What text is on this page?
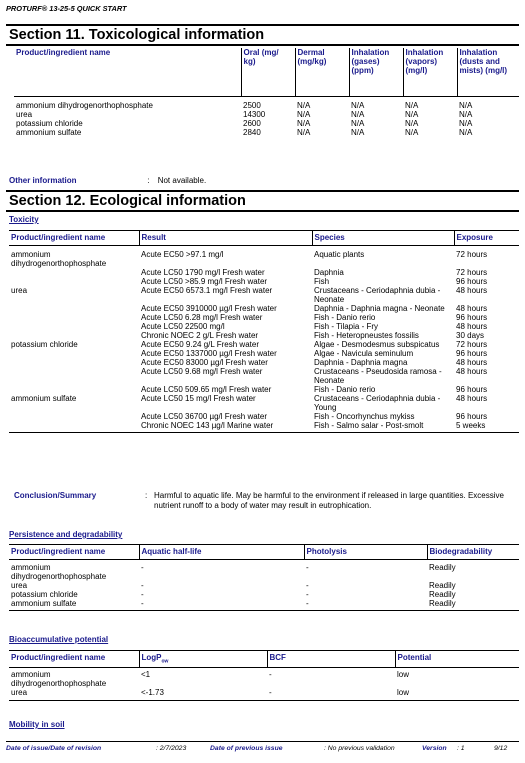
PROTURF® 13-25-5 QUICK START
Section 11. Toxicological information
Product/ingredient name	Oral (mg/ kg)	Dermal (mg/kg)	Inhalation (gases) (ppm)	Inhalation (vapors) (mg/l)	Inhalation (dusts and mists) (mg/l)

ammonium dihydrogenorthophosphate	2500	N/A	N/A	N/A	N/A
urea	14300	N/A	N/A	N/A	N/A
potassium chloride	2600	N/A	N/A	N/A	N/A
ammonium sulfate	2840	N/A	N/A	N/A	N/A
Other information	: Not available.
Section 12. Ecological information
Toxicity
Product/ingredient name	Result	Species	Exposure

ammonium dihydrogenorthophosphate	Acute EC50 >97.1 mg/l	Aquatic plants	72 hours
	Acute LC50 1790 mg/l Fresh water	Daphnia	72 hours
	Acute LC50 >85.9 mg/l Fresh water	Fish	96 hours
urea	Acute EC50 6573.1 mg/l Fresh water	Crustaceans - Ceriodaphnia dubia - Neonate	48 hours
	Acute EC50 3910000 µg/l Fresh water	Daphnia - Daphnia magna - Neonate	48 hours
	Acute LC50 6.28 mg/l Fresh water	Fish - Danio rerio	96 hours
	Acute LC50 22500 mg/l	Fish - Tilapia - Fry	48 hours
	Chronic NOEC 2 g/L Fresh water	Fish - Heteropneustes fossilis	30 days
potassium chloride	Acute EC50 9.24 g/L Fresh water	Algae - Desmodesmus subspicatus	72 hours
	Acute EC50 1337000 µg/l Fresh water	Algae - Navicula seminulum	96 hours
	Acute EC50 83000 µg/l Fresh water	Daphnia - Daphnia magna	48 hours
	Acute LC50 9.68 mg/l Fresh water	Crustaceans - Pseudosida ramosa - Neonate	48 hours
	Acute LC50 509.65 mg/l Fresh water	Fish - Danio rerio	96 hours
ammonium sulfate	Acute LC50 15 mg/l Fresh water	Crustaceans - Ceriodaphnia dubia - Young	48 hours
	Acute LC50 36700 µg/l Fresh water	Fish - Oncorhynchus mykiss	96 hours
	Chronic NOEC 143 µg/l Marine water	Fish - Salmo salar - Post-smolt	5 weeks

Conclusion/Summary	: Harmful to aquatic life. May be harmful to the environment if released in large quantities. Excessive nutrient runoff to a body of water may result in eutrophication.
Persistence and degradability
Product/ingredient name	Aquatic half-life	Photolysis	Biodegradability

ammonium dihydrogenorthophosphate	-	-	Readily
urea	-	-	Readily
potassium chloride	-	-	Readily
ammonium sulfate	-	-	Readily

Bioaccumulative potential
Product/ingredient name	LogP$_{ow}$	BCF	Potential

ammonium dihydrogenorthophosphate	<1	-	low
urea	<-1.73	-	low

Mobility in soil
Date of issue/Date of revision	: 2/7/2023	Date of previous issue	: No previous validation	Version	: 1	9/12
